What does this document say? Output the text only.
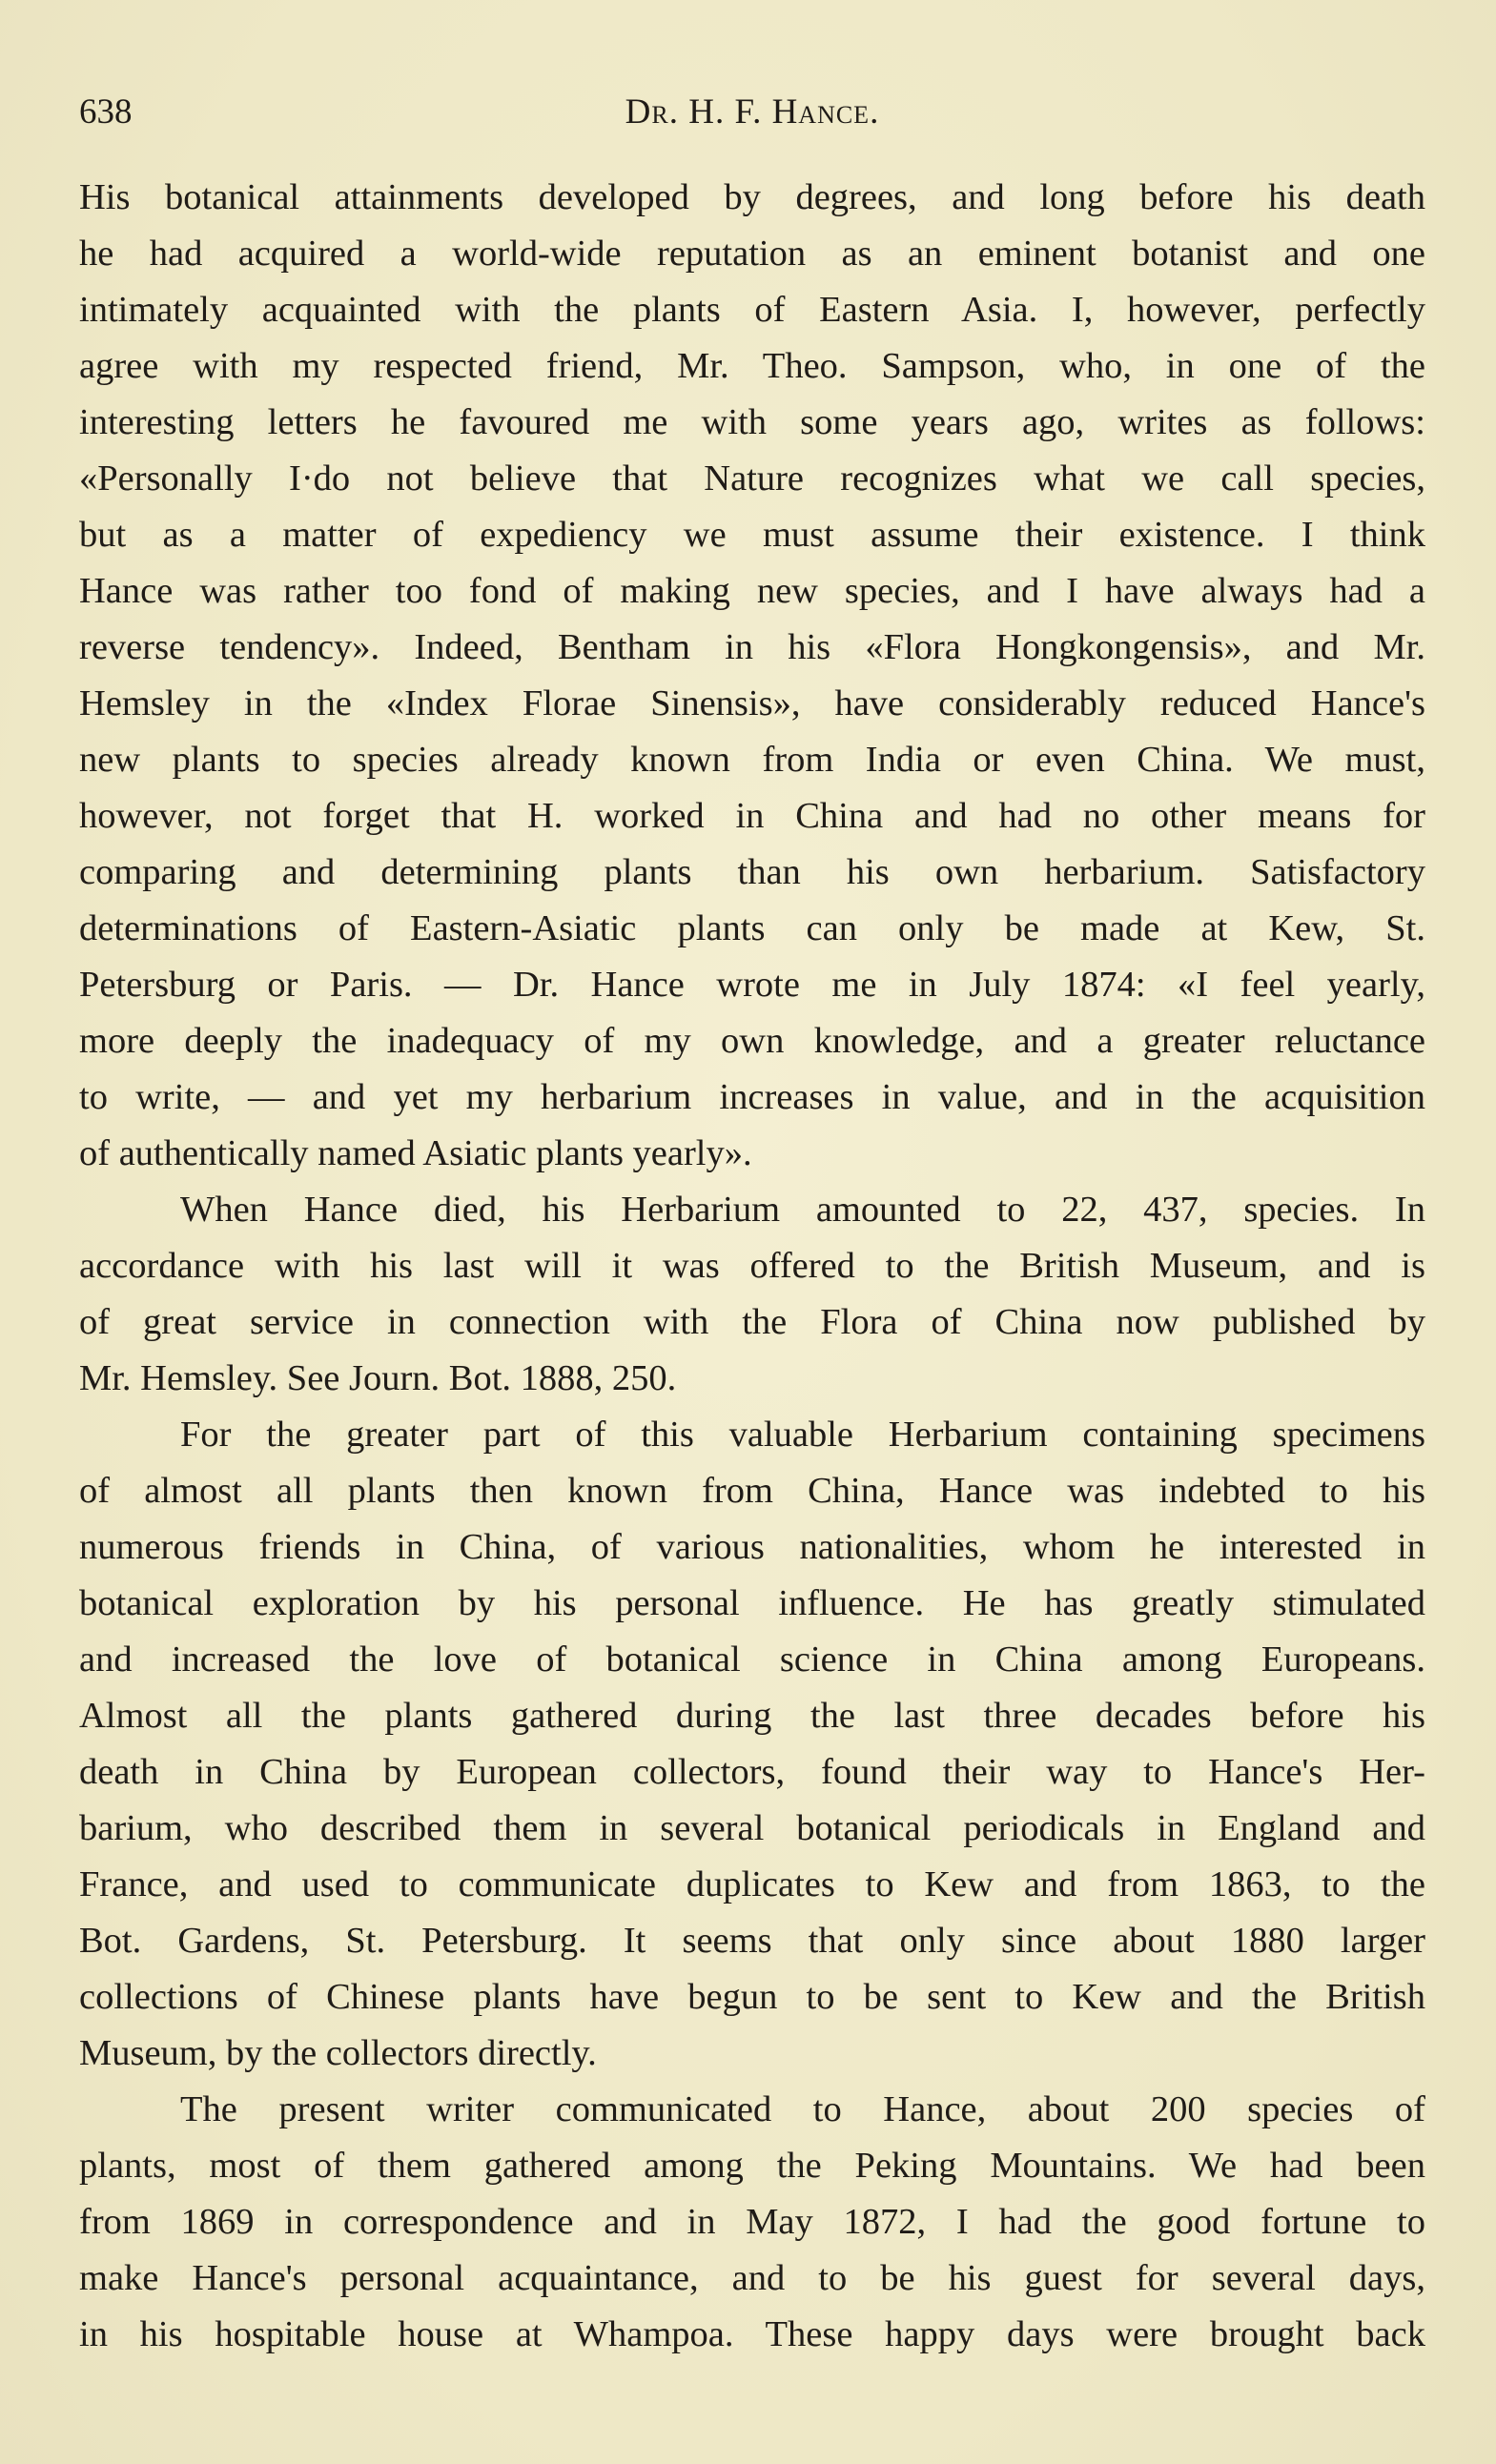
638	Dr. H. F. Hance.

His botanical attainments developed by degrees, and long before his death
he had acquired a world-wide reputation as an eminent botanist and one
intimately acquainted with the plants of Eastern Asia. I, however, perfectly
agree with my respected friend, Mr. Theo. Sampson, who, in one of the
interesting letters he favoured me with some years ago, writes as follows:
«Personally I·do not believe that Nature recognizes what we call species,
but as a matter of expediency we must assume their existence. I think
Hance was rather too fond of making new species, and I have always had a
reverse tendency». Indeed, Bentham in his «Flora Hongkongensis», and Mr.
Hemsley in the «Index Florae Sinensis», have considerably reduced Hance's
new plants to species already known from India or even China. We must,
however, not forget that H. worked in China and had no other means for
comparing and determining plants than his own herbarium. Satisfactory
determinations of Eastern-Asiatic plants can only be made at Kew, St.
Petersburg or Paris. — Dr. Hance wrote me in July 1874: «I feel yearly,
more deeply the inadequacy of my own knowledge, and a greater reluctance
to write, — and yet my herbarium increases in value, and in the acquisition
of authentically named Asiatic plants yearly».

When Hance died, his Herbarium amounted to 22, 437, species. In
accordance with his last will it was offered to the British Museum, and is
of great service in connection with the Flora of China now published by
Mr. Hemsley. See Journ. Bot. 1888, 250.

For the greater part of this valuable Herbarium containing specimens
of almost all plants then known from China, Hance was indebted to his
numerous friends in China, of various nationalities, whom he interested in
botanical exploration by his personal influence. He has greatly stimulated
and increased the love of botanical science in China among Europeans.
Almost all the plants gathered during the last three decades before his
death in China by European collectors, found their way to Hance's Her-
barium, who described them in several botanical periodicals in England and
France, and used to communicate duplicates to Kew and from 1863, to the
Bot. Gardens, St. Petersburg. It seems that only since about 1880 larger
collections of Chinese plants have begun to be sent to Kew and the British
Museum, by the collectors directly.

The present writer communicated to Hance, about 200 species of
plants, most of them gathered among the Peking Mountains. We had been
from 1869 in correspondence and in May 1872, I had the good fortune to
make Hance's personal acquaintance, and to be his guest for several days,
in his hospitable house at Whampoa. These happy days were brought back
